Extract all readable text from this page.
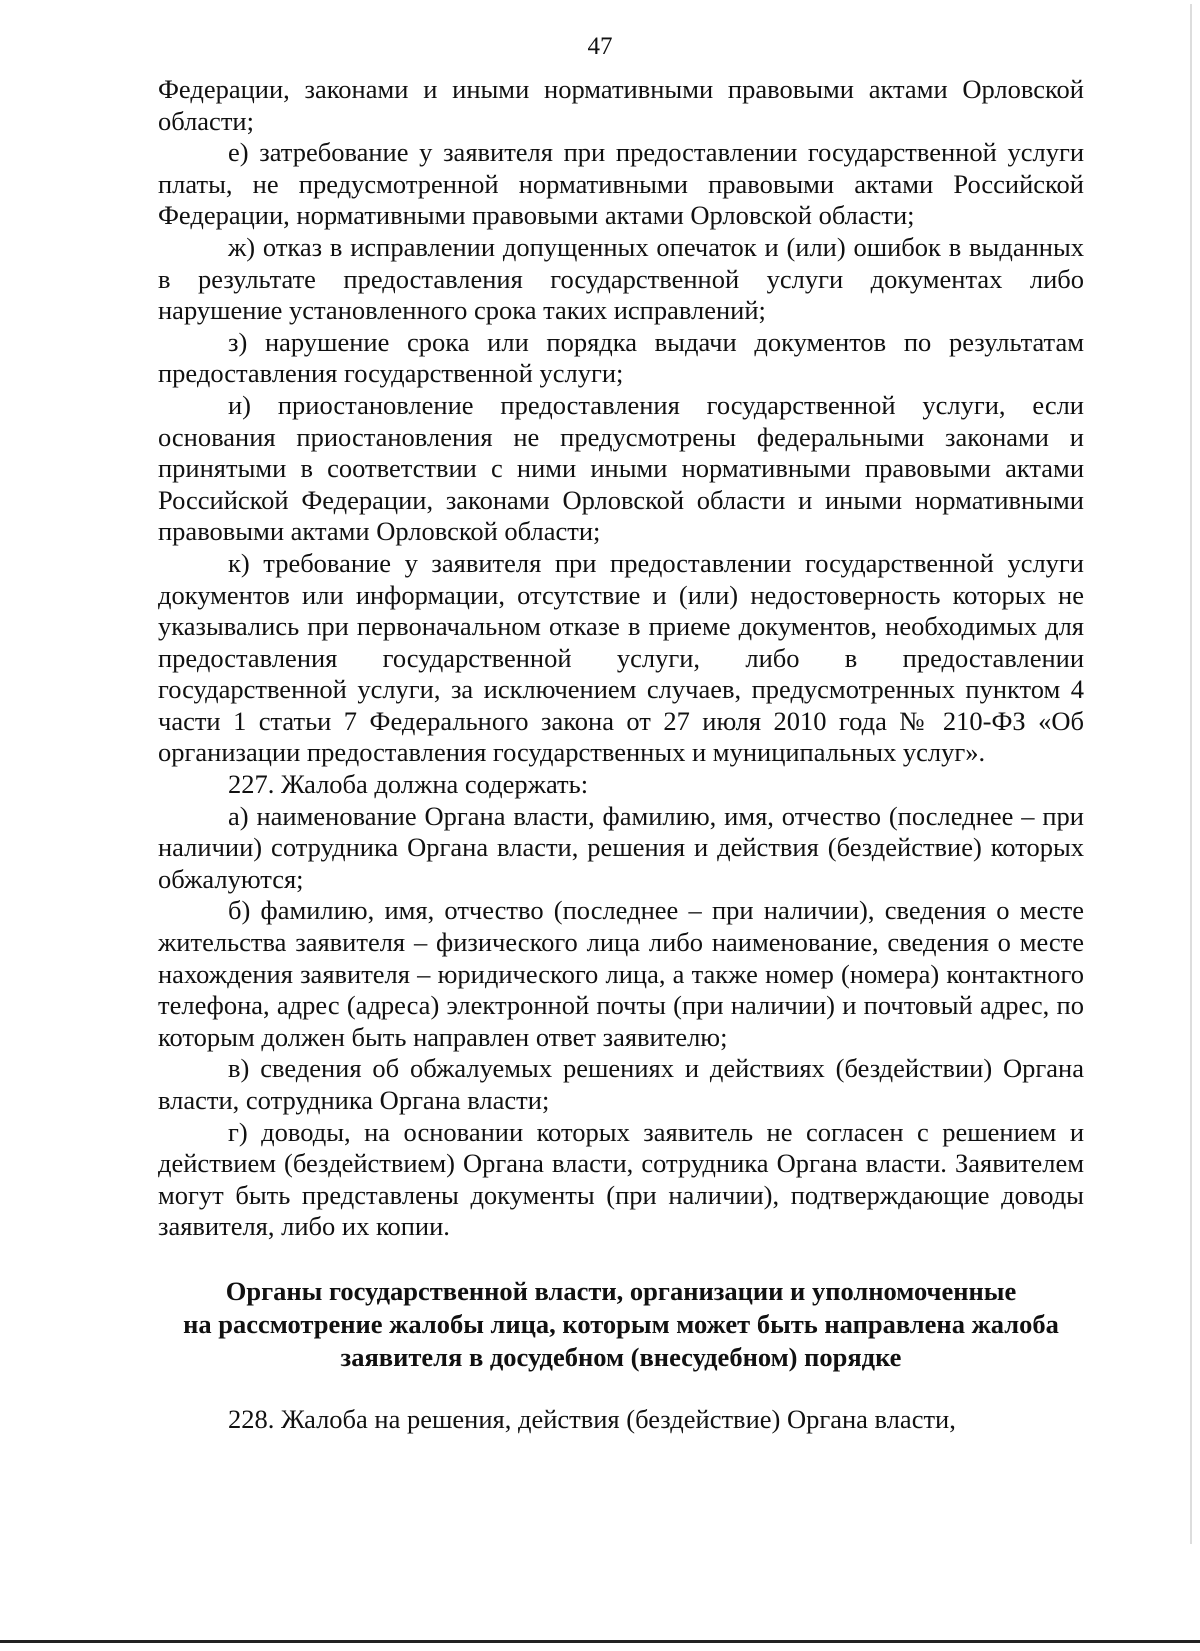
47

Федерации, законами и иными нормативными правовыми актами Орловской области;

е) затребование у заявителя при предоставлении государственной услуги платы, не предусмотренной нормативными правовыми актами Российской Федерации, нормативными правовыми актами Орловской области;

ж) отказ в исправлении допущенных опечаток и (или) ошибок в выданных в результате предоставления государственной услуги документах либо нарушение установленного срока таких исправлений;

з) нарушение срока или порядка выдачи документов по результатам предоставления государственной услуги;

и) приостановление предоставления государственной услуги, если основания приостановления не предусмотрены федеральными законами и принятыми в соответствии с ними иными нормативными правовыми актами Российской Федерации, законами Орловской области и иными нормативными правовыми актами Орловской области;

к) требование у заявителя при предоставлении государственной услуги документов или информации, отсутствие и (или) недостоверность которых не указывались при первоначальном отказе в приеме документов, необходимых для предоставления государственной услуги, либо в предоставлении государственной услуги, за исключением случаев, предусмотренных пунктом 4 части 1 статьи 7 Федерального закона от 27 июля 2010 года № 210-ФЗ «Об организации предоставления государственных и муниципальных услуг».

227. Жалоба должна содержать:

а) наименование Органа власти, фамилию, имя, отчество (последнее – при наличии) сотрудника Органа власти, решения и действия (бездействие) которых обжалуются;

б) фамилию, имя, отчество (последнее – при наличии), сведения о месте жительства заявителя – физического лица либо наименование, сведения о месте нахождения заявителя – юридического лица, а также номер (номера) контактного телефона, адрес (адреса) электронной почты (при наличии) и почтовый адрес, по которым должен быть направлен ответ заявителю;

в) сведения об обжалуемых решениях и действиях (бездействии) Органа власти, сотрудника Органа власти;

г) доводы, на основании которых заявитель не согласен с решением и действием (бездействием) Органа власти, сотрудника Органа власти. Заявителем могут быть представлены документы (при наличии), подтверждающие доводы заявителя, либо их копии.

Органы государственной власти, организации и уполномоченные
на рассмотрение жалобы лица, которым может быть направлена жалоба
заявителя в досудебном (внесудебном) порядке

228. Жалоба на решения, действия (бездействие) Органа власти,
